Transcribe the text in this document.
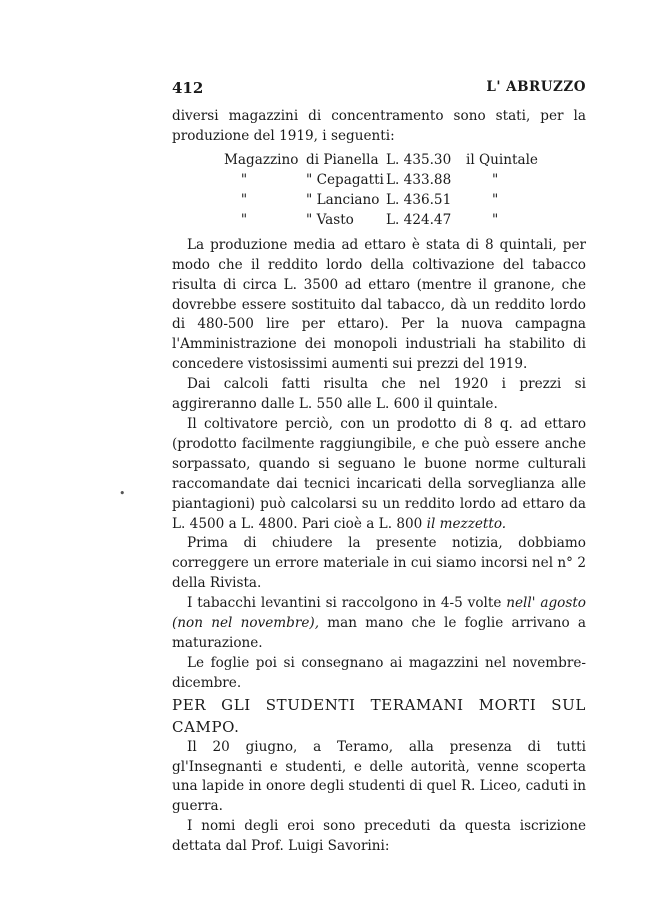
412	L' ABRUZZO

diversi magazzini di concentramento sono stati, per la produzione del 1919, i seguenti:

Magazzino di Pianella L. 435.30	il Quintale
"	" Cepagatti L. 433.88	"
"	" Lanciano L. 436.51	"
"	" Vasto	L. 424.47	"

La produzione media ad ettaro è stata di 8 quintali, per modo che il reddito lordo della coltivazione del tabacco risulta di circa L. 3500 ad ettaro (mentre il granone, che dovrebbe essere sostituito dal tabacco, dà un reddito lordo di 480-500 lire per ettaro). Per la nuova campagna l'Amministrazione dei monopoli industriali ha stabilito di concedere vistosissimi aumenti sui prezzi del 1919.

Dai calcoli fatti risulta che nel 1920 i prezzi si aggireranno dalle L. 550 alle L. 600 il quintale.

Il coltivatore perciò, con un prodotto di 8 q. ad ettaro (prodotto facilmente raggiungibile, e che può essere anche sorpassato, quando si seguano le buone norme culturali raccomandate dai tecnici incaricati della sorveglianza alle piantagioni) può calcolarsi su un reddito lordo ad ettaro da L. 4500 a L. 4800. Pari cioè a L. 800 il mezzetto.

Prima di chiudere la presente notizia, dobbiamo correggere un errore materiale in cui siamo incorsi nel n° 2 della Rivista.

I tabacchi levantini si raccolgono in 4-5 volte nell' agosto (non nel novembre), man mano che le foglie arrivano a maturazione.

Le foglie poi si consegnano ai magazzini nel novembre-dicembre.

PER GLI STUDENTI TERAMANI MORTI SUL CAMPO.

Il 20 giugno, a Teramo, alla presenza di tutti gl'Insegnanti e studenti, e delle autorità, venne scoperta una lapide in onore degli studenti di quel R. Liceo, caduti in guerra.

I nomi degli eroi sono preceduti da questa iscrizione dettata dal Prof. Luigi Savorini:

•
